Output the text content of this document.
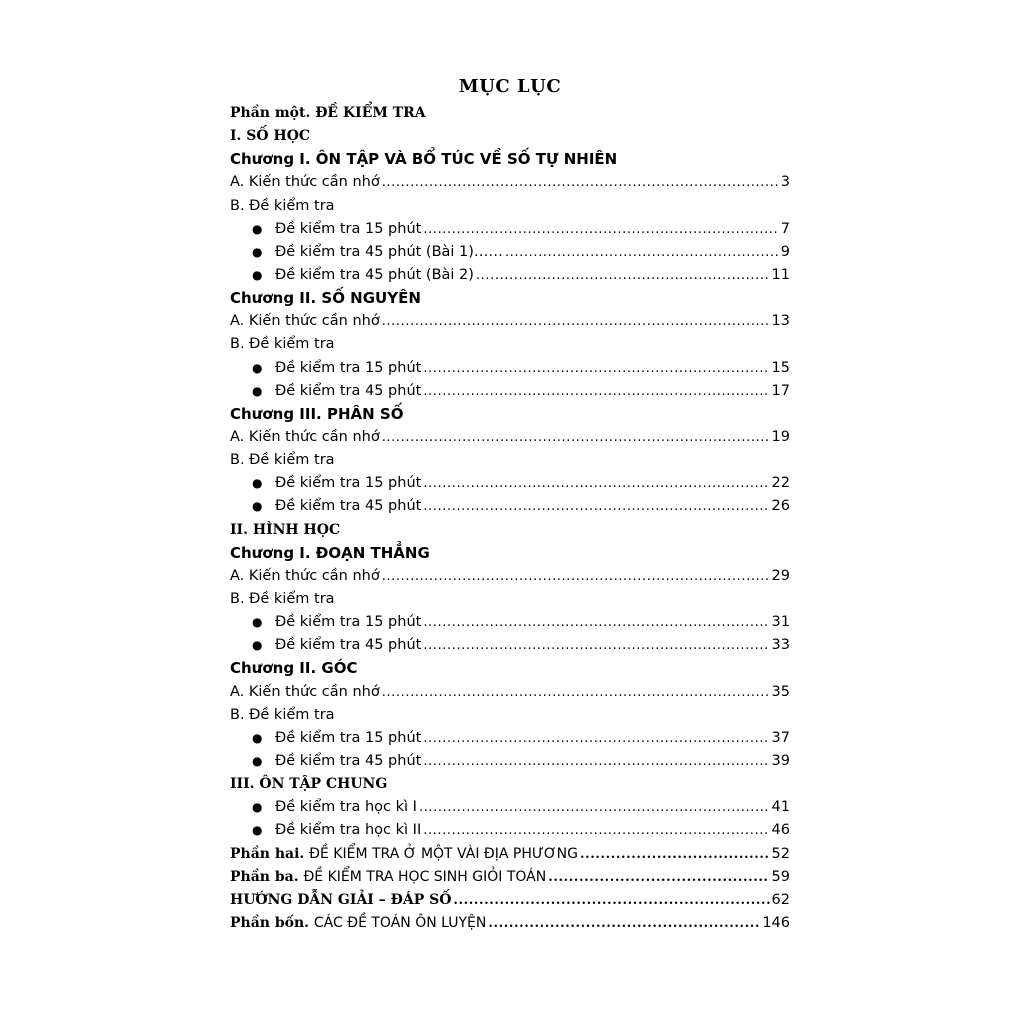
MỤC LỤC
Phần một. ĐỀ KIỂM TRA
I. SỐ HỌC
Chương I. ÔN TẬP VÀ BỔ TÚC VỀ SỐ TỰ NHIÊN
A. Kiến thức cần nhớ .....	3
B. Đề kiểm tra
● Đề kiểm tra 15 phút .....	7
● Đề kiểm tra 45 phút (Bài 1)…… .....	9
● Đề kiểm tra 45 phút (Bài 2) .....	11
Chương II. SỐ NGUYÊN
A. Kiến thức cần nhớ .....	13
B. Đề kiểm tra
● Đề kiểm tra 15 phút .....	15
● Đề kiểm tra 45 phút .....	17
Chương III. PHÂN SỐ
A. Kiến thức cần nhớ .....	19
B. Đề kiểm tra
● Đề kiểm tra 15 phút .....	22
● Đề kiểm tra 45 phút .....	26
II. HÌNH HỌC
Chương I. ĐOẠN THẲNG
A. Kiến thức cần nhớ .....	29
B. Đề kiểm tra
● Đề kiểm tra 15 phút .....	31
● Đề kiểm tra 45 phút .....	33
Chương II. GÓC
A. Kiến thức cần nhớ .....	35
B. Đề kiểm tra
● Đề kiểm tra 15 phút .....	37
● Đề kiểm tra 45 phút .....	39
III. ÔN TẬP CHUNG
● Đề kiểm tra học kì I .....	41
● Đề kiểm tra học kì II .....	46
Phần hai. ĐỀ KIỂM TRA Ở MỘT VÀI ĐỊA PHƯƠNG .....	52
Phần ba. ĐỀ KIỂM TRA HỌC SINH GIỎI TOÁN .....	59
HƯỚNG DẪN GIẢI – ĐÁP SỐ .....	62
Phần bốn. CÁC ĐỀ TOÁN ÔN LUYỆN .....	146
